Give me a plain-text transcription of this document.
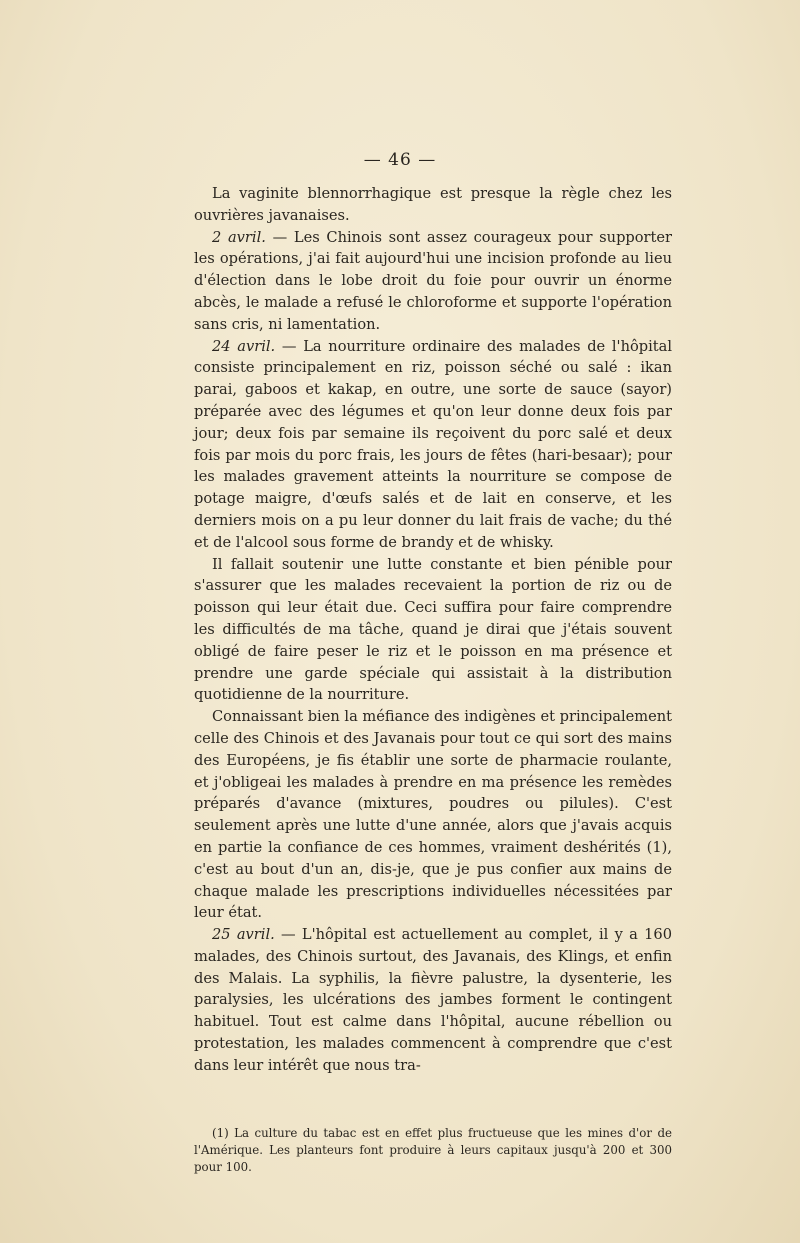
— 46 —

La vaginite blennorrhagique est presque la règle chez les ouvrières javanaises.

2 avril. — Les Chinois sont assez courageux pour supporter les opérations, j'ai fait aujourd'hui une incision profonde au lieu d'élection dans le lobe droit du foie pour ouvrir un énorme abcès, le malade a refusé le chloroforme et supporte l'opération sans cris, ni lamentation.

24 avril. — La nourriture ordinaire des malades de l'hôpital consiste principalement en riz, poisson séché ou salé : ikan parai, gaboos et kakap, en outre, une sorte de sauce (sayor) préparée avec des légumes et qu'on leur donne deux fois par jour; deux fois par semaine ils reçoivent du porc salé et deux fois par mois du porc frais, les jours de fêtes (hari-besaar); pour les malades gravement atteints la nourriture se compose de potage maigre, d'œufs salés et de lait en conserve, et les derniers mois on a pu leur donner du lait frais de vache; du thé et de l'alcool sous forme de brandy et de whisky.

Il fallait soutenir une lutte constante et bien pénible pour s'assurer que les malades recevaient la portion de riz ou de poisson qui leur était due. Ceci suffira pour faire comprendre les difficultés de ma tâche, quand je dirai que j'étais souvent obligé de faire peser le riz et le poisson en ma présence et prendre une garde spéciale qui assistait à la distribution quotidienne de la nourriture.

Connaissant bien la méfiance des indigènes et principalement celle des Chinois et des Javanais pour tout ce qui sort des mains des Européens, je fis établir une sorte de pharmacie roulante, et j'obligeai les malades à prendre en ma présence les remèdes préparés d'avance (mixtures, poudres ou pilules). C'est seulement après une lutte d'une année, alors que j'avais acquis en partie la confiance de ces hommes, vraiment deshérités (1), c'est au bout d'un an, dis-je, que je pus confier aux mains de chaque malade les prescriptions individuelles nécessitées par leur état.

25 avril. — L'hôpital est actuellement au complet, il y a 160 malades, des Chinois surtout, des Javanais, des Klings, et enfin des Malais. La syphilis, la fièvre palustre, la dysenterie, les paralysies, les ulcérations des jambes forment le contingent habituel. Tout est calme dans l'hôpital, aucune rébellion ou protestation, les malades commencent à comprendre que c'est dans leur intérêt que nous tra-

(1) La culture du tabac est en effet plus fructueuse que les mines d'or de l'Amérique. Les planteurs font produire à leurs capitaux jusqu'à 200 et 300 pour 100.
